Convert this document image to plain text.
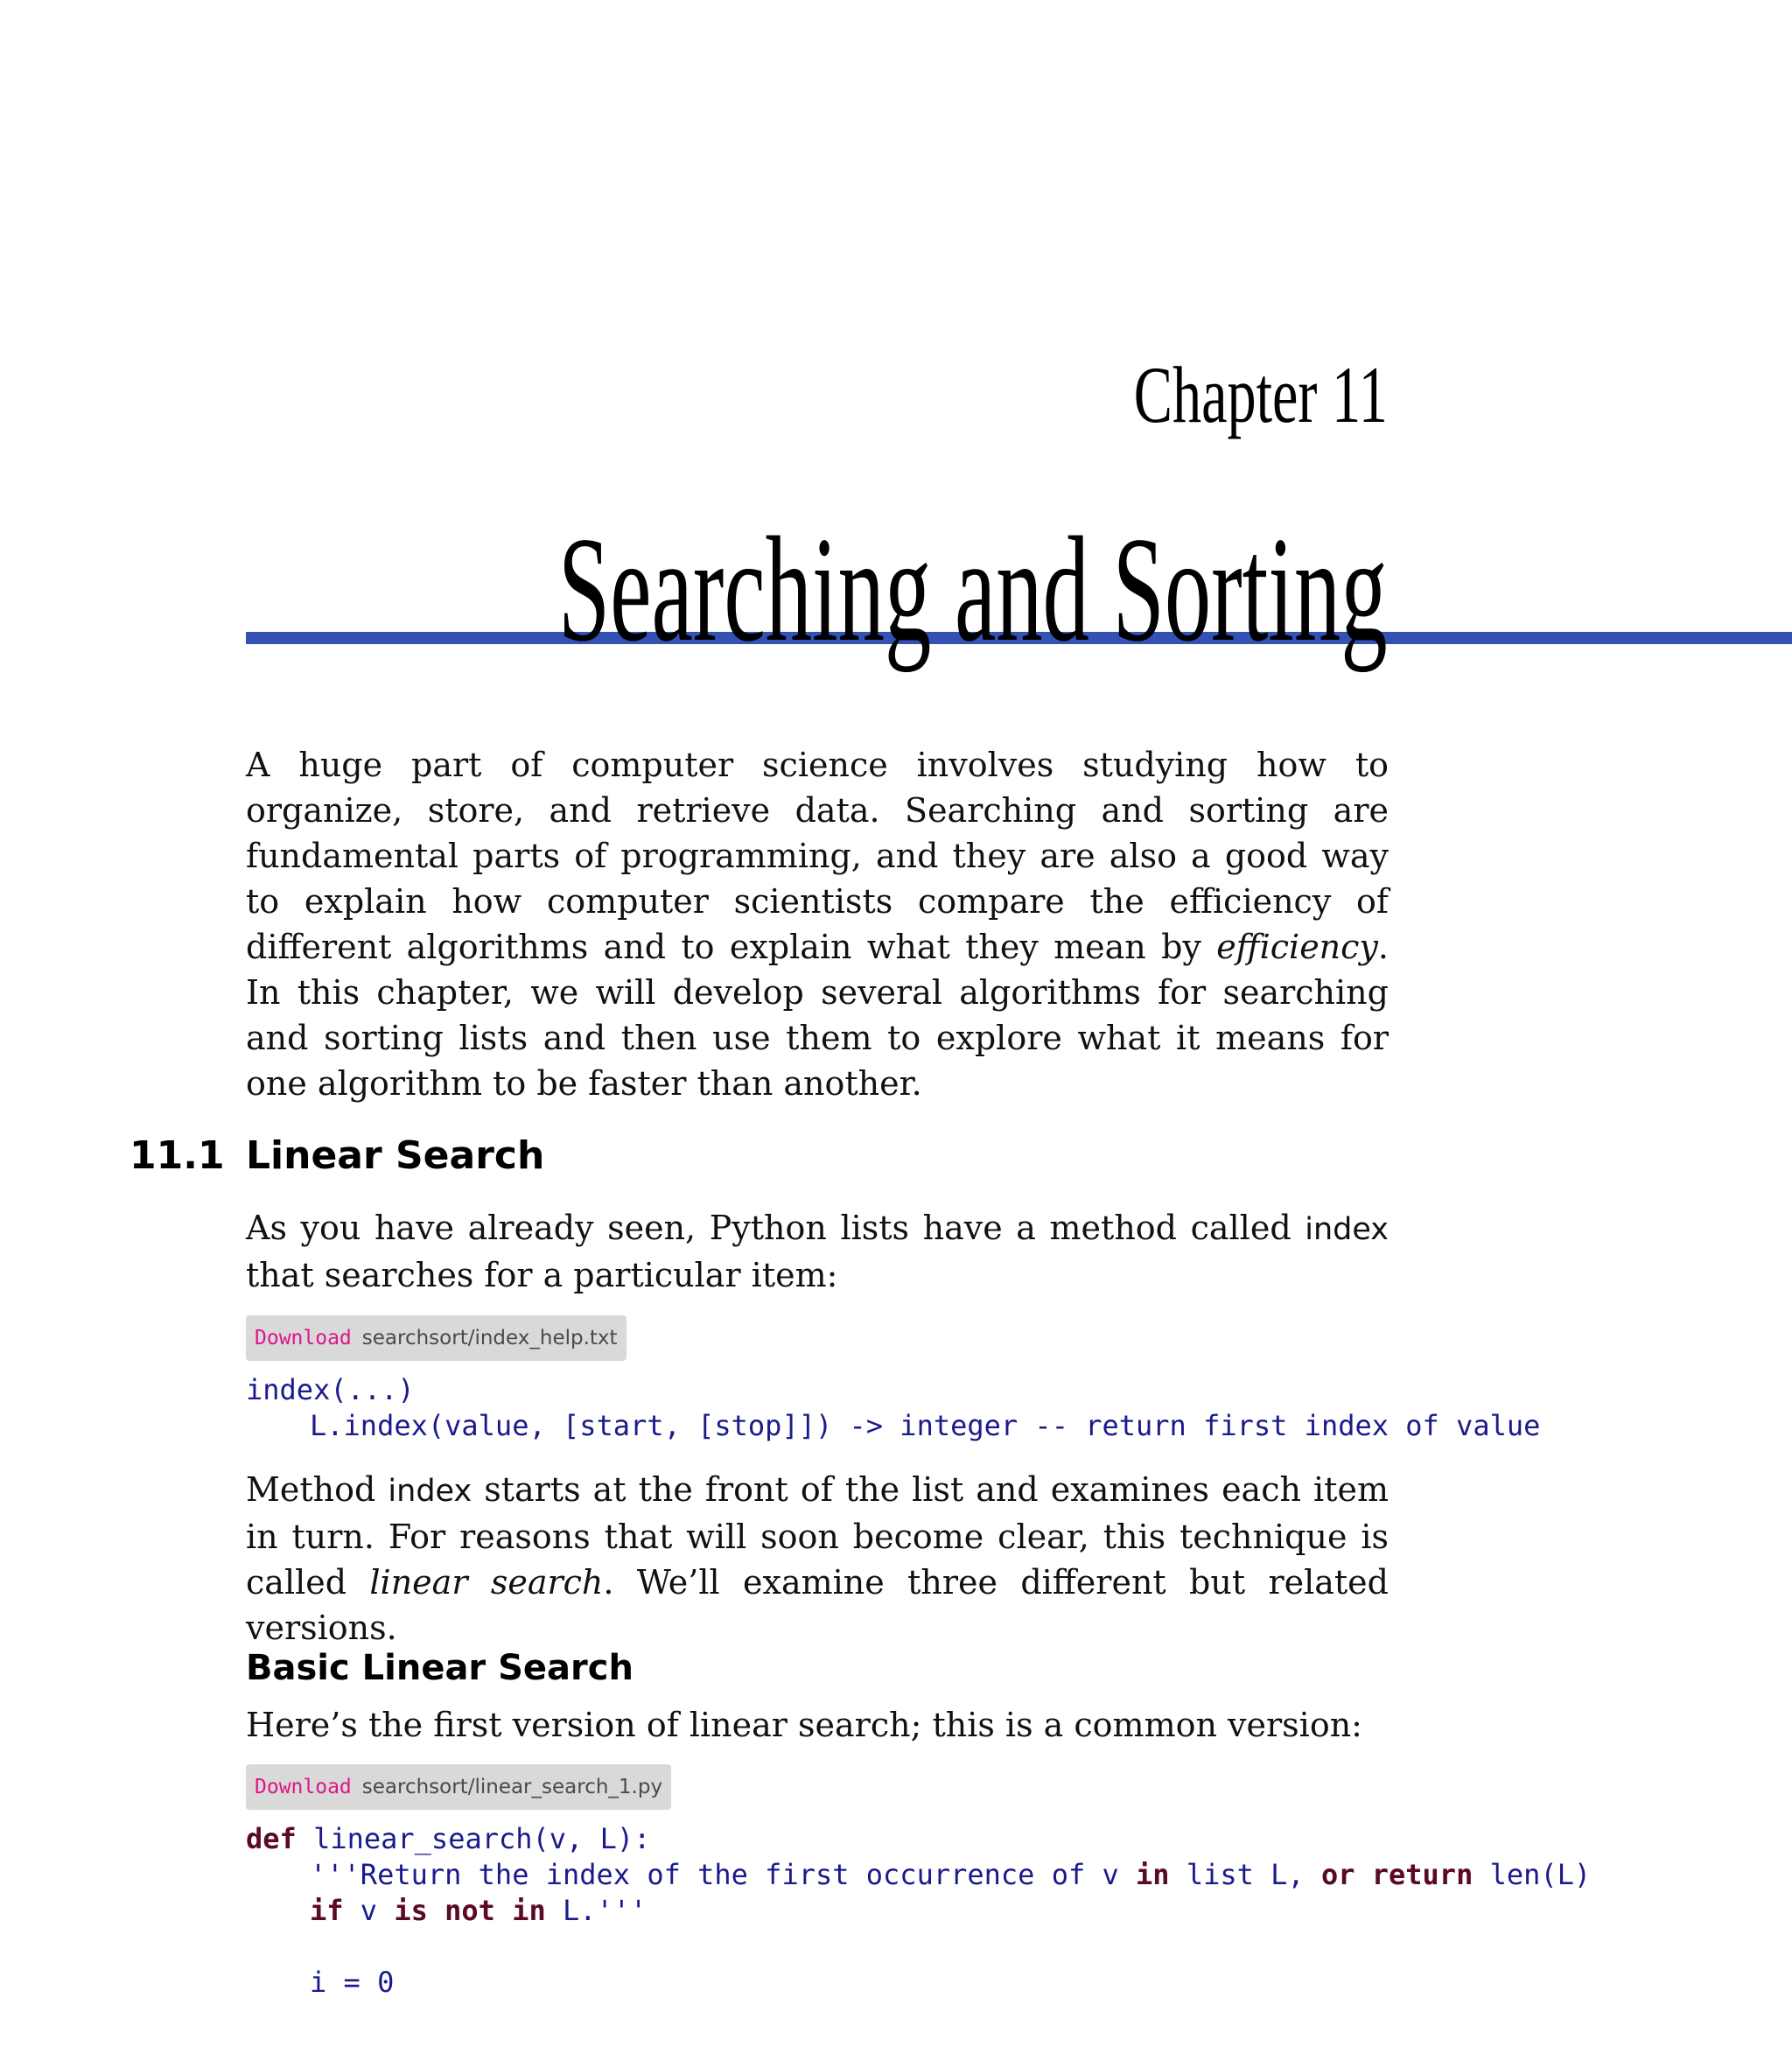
Chapter 11
Searching and Sorting

A huge part of computer science involves studying how to organize, store, and retrieve data. Searching and sorting are fundamental parts of programming, and they are also a good way to explain how computer scientists compare the efficiency of different algorithms and to explain what they mean by efficiency. In this chapter, we will develop several algorithms for searching and sorting lists and then use them to explore what it means for one algorithm to be faster than another.

11.1 Linear Search

As you have already seen, Python lists have a method called index that searches for a particular item:

Download searchsort/index_help.txt
index(...)
L.index(value, [start, [stop]]) -> integer -- return first index of value

Method index starts at the front of the list and examines each item in turn. For reasons that will soon become clear, this technique is called linear search. We’ll examine three different but related versions.

Basic Linear Search

Here’s the first version of linear search; this is a common version:

Download searchsort/linear_search_1.py
def linear_search(v, L):
'''Return the index of the first occurrence of v in list L, or return len(L)
if v is not in L.'''

i = 0
